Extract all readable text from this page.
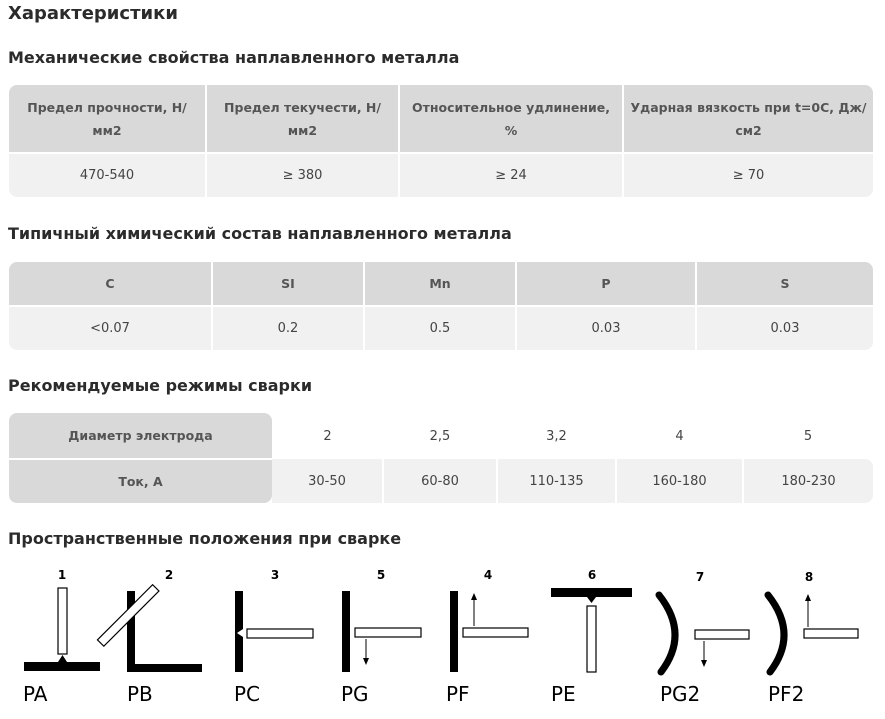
Характеристики
Механические свойства наплавленного металла
Предел прочности, Н/мм2	Предел текучести, Н/мм2	Относительное удлинение, %	Ударная вязкость при t=0C, Дж/см2
470-540	≥ 380	≥ 24	≥ 70
Типичный химический состав наплавленного металла
C	SI	Mn	P	S
<0.07	0.2	0.5	0.03	0.03
Рекомендуемые режимы сварки
Диаметр электрода	2	2,5	3,2	4	5
Ток, А	30-50	60-80	110-135	160-180	180-230
Пространственные положения при сварке
1
PA
2
PB
3
PC
5
PG
4
PF
6
PE
7
PG2
8
PF2
